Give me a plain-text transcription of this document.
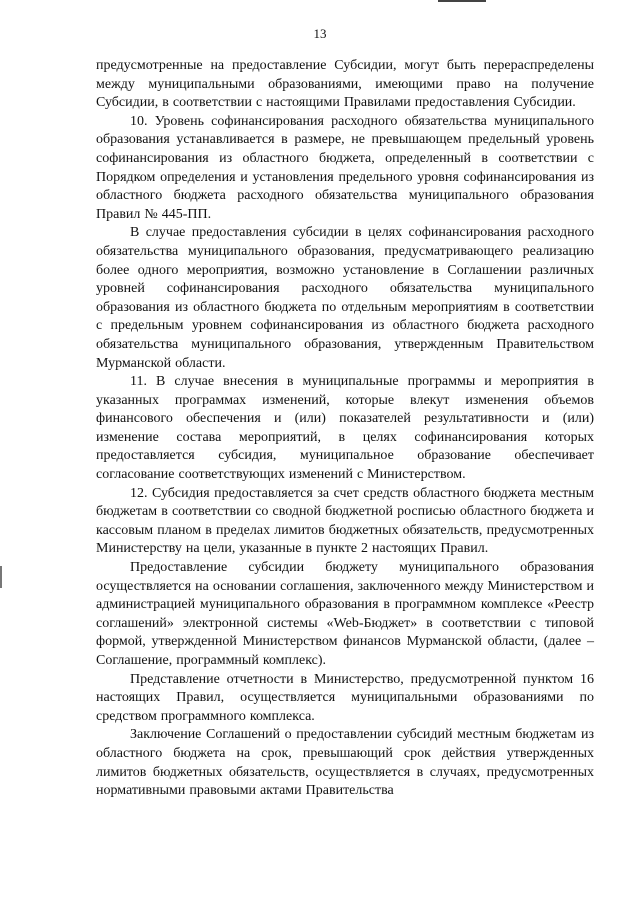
13

предусмотренные на предоставление Субсидии, могут быть перераспределены между муниципальными образованиями, имеющими право на получение Субсидии, в соответствии с настоящими Правилами предоставления Субсидии.

10. Уровень софинансирования расходного обязательства муниципального образования устанавливается в размере, не превышающем предельный уровень софинансирования из областного бюджета, определенный в соответствии с Порядком определения и установления предельного уровня софинансирования из областного бюджета расходного обязательства муниципального образования Правил № 445-ПП.

В случае предоставления субсидии в целях софинансирования расходного обязательства муниципального образования, предусматривающего реализацию более одного мероприятия, возможно установление в Соглашении различных уровней софинансирования расходного обязательства муниципального образования из областного бюджета по отдельным мероприятиям в соответствии с предельным уровнем софинансирования из областного бюджета расходного обязательства муниципального образования, утвержденным Правительством Мурманской области.

11. В случае внесения в муниципальные программы и мероприятия в указанных программах изменений, которые влекут изменения объемов финансового обеспечения и (или) показателей результативности и (или) изменение состава мероприятий, в целях софинансирования которых предоставляется субсидия, муниципальное образование обеспечивает согласование соответствующих изменений с Министерством.

12. Субсидия предоставляется за счет средств областного бюджета местным бюджетам в соответствии со сводной бюджетной росписью областного бюджета и кассовым планом в пределах лимитов бюджетных обязательств, предусмотренных Министерству на цели, указанные в пункте 2 настоящих Правил.

Предоставление субсидии бюджету муниципального образования осуществляется на основании соглашения, заключенного между Министерством и администрацией муниципального образования в программном комплексе «Реестр соглашений» электронной системы «Web-Бюджет» в соответствии с типовой формой, утвержденной Министерством финансов Мурманской области, (далее – Соглашение, программный комплекс).

Представление отчетности в Министерство, предусмотренной пунктом 16 настоящих Правил, осуществляется муниципальными образованиями по средством программного комплекса.

Заключение Соглашений о предоставлении субсидий местным бюджетам из областного бюджета на срок, превышающий срок действия утвержденных лимитов бюджетных обязательств, осуществляется в случаях, предусмотренных нормативными правовыми актами Правительства
